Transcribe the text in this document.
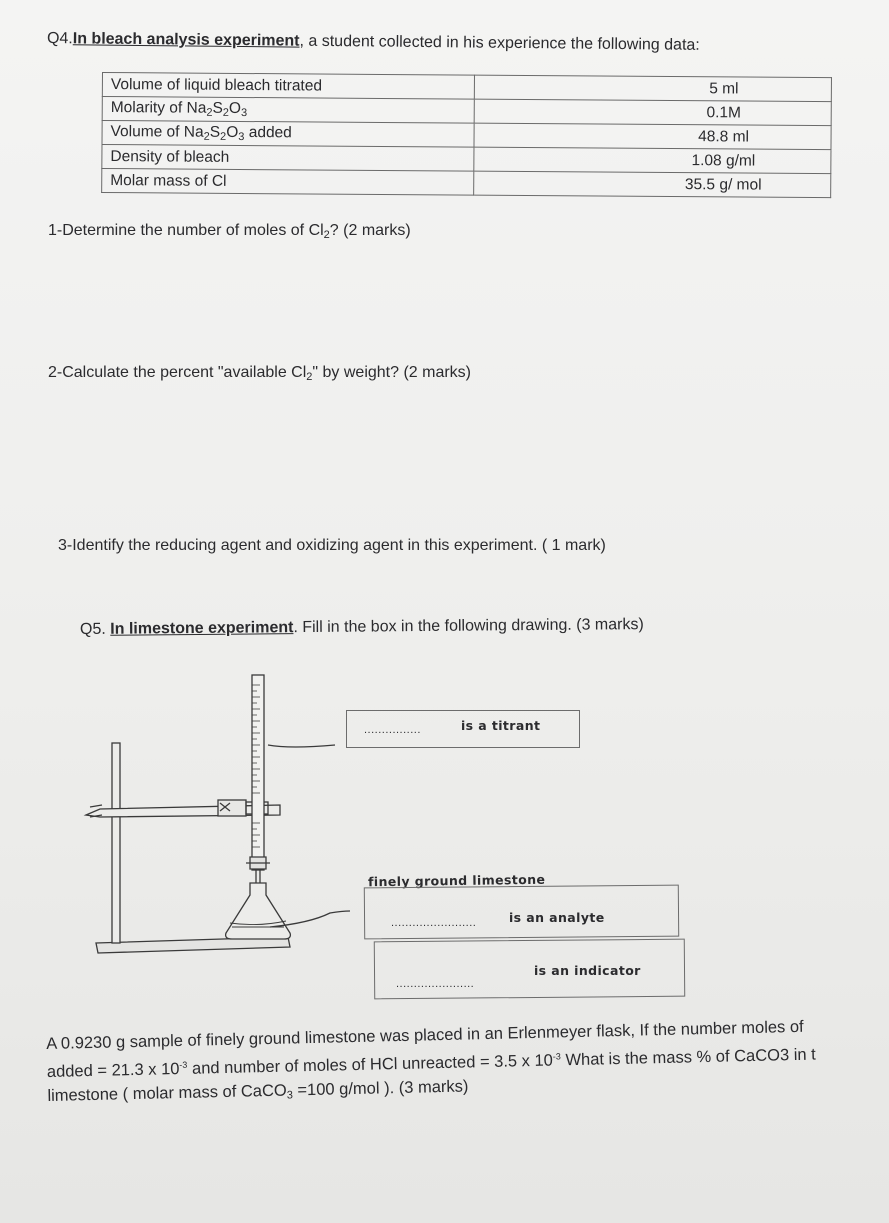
Q4.In bleach analysis experiment, a student collected in his experience the following data:
Volume of liquid bleach titrated	5 ml
Molarity of $Na_2S_2O_3$	0.1M
Volume of $Na_2S_2O_3$ added	48.8 ml
Density of bleach	1.08 g/ml
Molar mass of Cl	35.5 g/ mol
1-Determine the number of moles of $Cl_2$? (2 marks)
2-Calculate the percent "available $Cl_2$" by weight? (2 marks)
3-Identify the reducing agent and oxidizing agent in this experiment. ( 1 mark)
Q5. In limestone experiment. Fill in the box in the following drawing. (3 marks)
................	is a titrant
finely ground limestone
........................	is an analyte
......................
is an indicator
A 0.9230 g sample of finely ground limestone was placed in an Erlenmeyer flask, If the number moles of
added = 21.3 x $10^{-3}$ and number of moles of HCl unreacted = 3.5 x $10^{-3}$ What is the mass % of CaCO3 in t
limestone ( molar mass of CaCO$_3$ =100 g/mol ). (3 marks)
